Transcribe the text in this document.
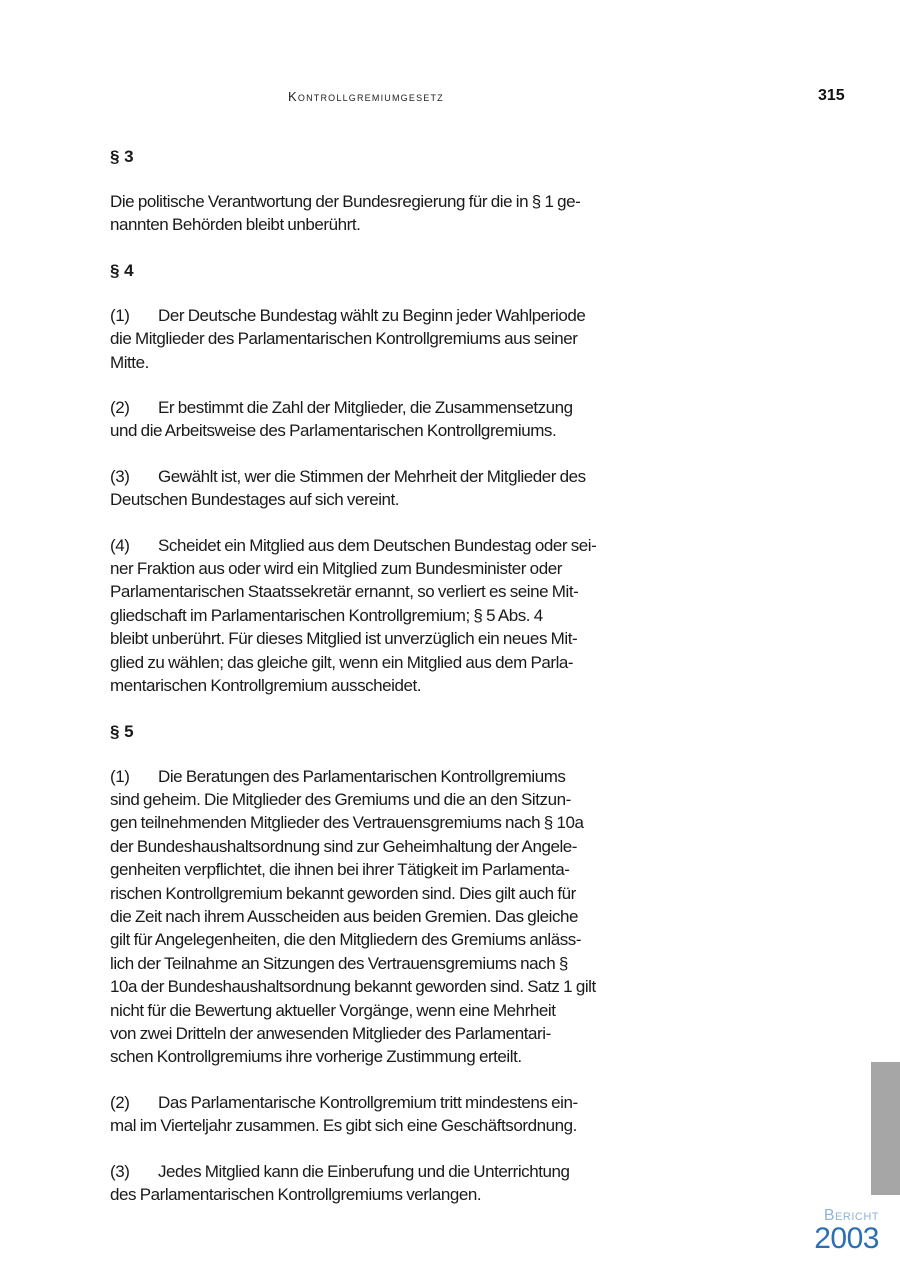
Kontrollgremiumgesetz	315
§ 3
Die politische Verantwortung der Bundesregierung für die in § 1 ge-
nannten Behörden bleibt unberührt.
§ 4
(1) Der Deutsche Bundestag wählt zu Beginn jeder Wahlperiode
die Mitglieder des Parlamentarischen Kontrollgremiums aus seiner
Mitte.
(2) Er bestimmt die Zahl der Mitglieder, die Zusammensetzung
und die Arbeitsweise des Parlamentarischen Kontrollgremiums.
(3) Gewählt ist, wer die Stimmen der Mehrheit der Mitglieder des
Deutschen Bundestages auf sich vereint.
(4) Scheidet ein Mitglied aus dem Deutschen Bundestag oder sei-
ner Fraktion aus oder wird ein Mitglied zum Bundesminister oder
Parlamentarischen Staatssekretär ernannt, so verliert es seine Mit-
gliedschaft im Parlamentarischen Kontrollgremium; § 5 Abs. 4
bleibt unberührt. Für dieses Mitglied ist unverzüglich ein neues Mit-
glied zu wählen; das gleiche gilt, wenn ein Mitglied aus dem Parla-
mentarischen Kontrollgremium ausscheidet.
§ 5
(1) Die Beratungen des Parlamentarischen Kontrollgremiums
sind geheim. Die Mitglieder des Gremiums und die an den Sitzun-
gen teilnehmenden Mitglieder des Vertrauensgremiums nach § 10a
der Bundeshaushaltsordnung sind zur Geheimhaltung der Angele-
genheiten verpflichtet, die ihnen bei ihrer Tätigkeit im Parlamenta-
rischen Kontrollgremium bekannt geworden sind. Dies gilt auch für
die Zeit nach ihrem Ausscheiden aus beiden Gremien. Das gleiche
gilt für Angelegenheiten, die den Mitgliedern des Gremiums anläss-
lich der Teilnahme an Sitzungen des Vertrauensgremiums nach §
10a der Bundeshaushaltsordnung bekannt geworden sind. Satz 1 gilt
nicht für die Bewertung aktueller Vorgänge, wenn eine Mehrheit
von zwei Dritteln der anwesenden Mitglieder des Parlamentari-
schen Kontrollgremiums ihre vorherige Zustimmung erteilt.
(2) Das Parlamentarische Kontrollgremium tritt mindestens ein-
mal im Vierteljahr zusammen. Es gibt sich eine Geschäftsordnung.
(3) Jedes Mitglied kann die Einberufung und die Unterrichtung
des Parlamentarischen Kontrollgremiums verlangen.
Bericht
2003
